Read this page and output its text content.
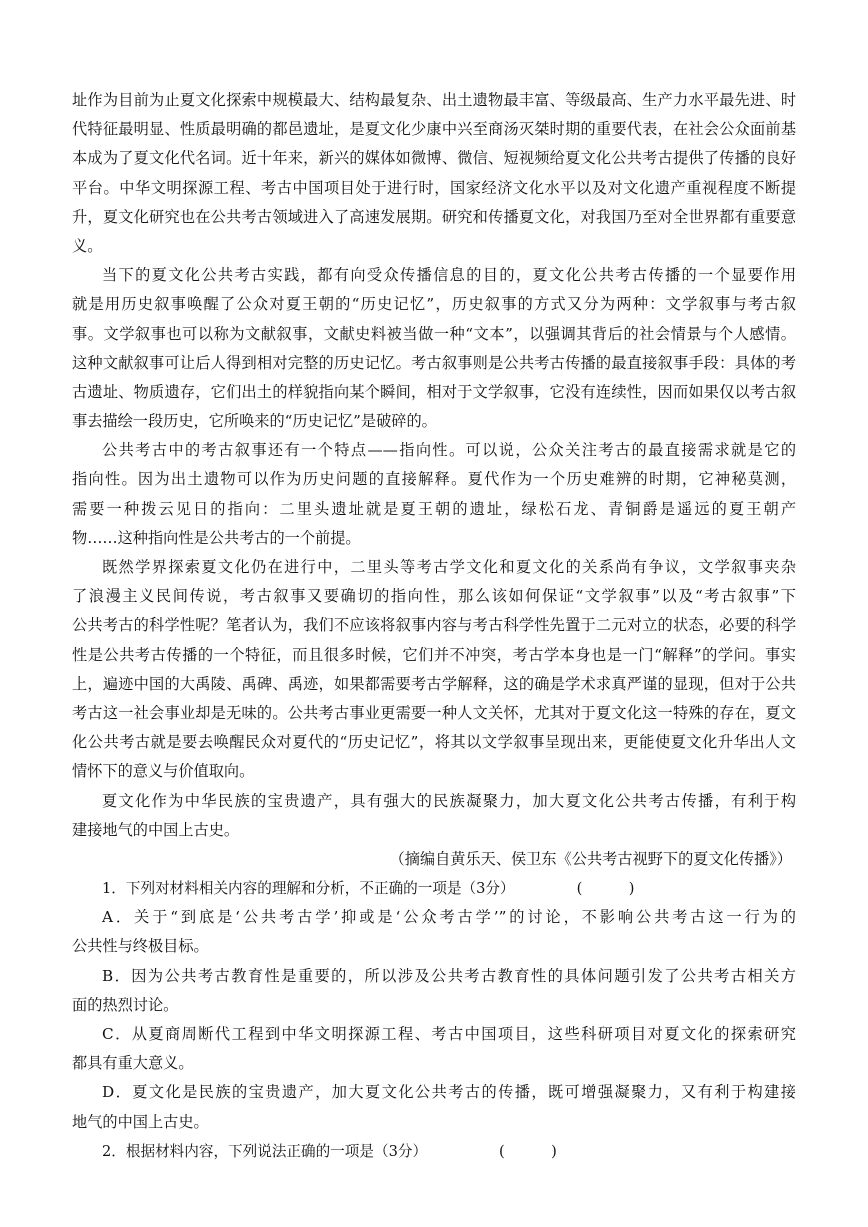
址作为目前为止夏文化探索中规模最大、结构最复杂、出土遗物最丰富、等级最高、生产力水平最先进、时
代特征最明显、性质最明确的都邑遗址，是夏文化少康中兴至商汤灭桀时期的重要代表，在社会公众面前基
本成为了夏文化代名词。近十年来，新兴的媒体如微博、微信、短视频给夏文化公共考古提供了传播的良好
平台。中华文明探源工程、考古中国项目处于进行时，国家经济文化水平以及对文化遗产重视程度不断提
升，夏文化研究也在公共考古领域进入了高速发展期。研究和传播夏文化，对我国乃至对全世界都有重要意
义。
当下的夏文化公共考古实践，都有向受众传播信息的目的，夏文化公共考古传播的一个显要作用
就是用历史叙事唤醒了公众对夏王朝的“历史记忆”，历史叙事的方式又分为两种：文学叙事与考古叙
事。文学叙事也可以称为文献叙事，文献史料被当做一种“文本”，以强调其背后的社会情景与个人感情。
这种文献叙事可让后人得到相对完整的历史记忆。考古叙事则是公共考古传播的最直接叙事手段：具体的考
古遗址、物质遗存，它们出土的样貌指向某个瞬间，相对于文学叙事，它没有连续性，因而如果仅以考古叙
事去描绘一段历史，它所唤来的“历史记忆”是破碎的。
公共考古中的考古叙事还有一个特点——指向性。可以说，公众关注考古的最直接需求就是它的
指向性。因为出土遗物可以作为历史问题的直接解释。夏代作为一个历史难辨的时期，它神秘莫测，
需要一种拨云见日的指向：二里头遗址就是夏王朝的遗址，绿松石龙、青铜爵是遥远的夏王朝产
物……这种指向性是公共考古的一个前提。
既然学界探索夏文化仍在进行中，二里头等考古学文化和夏文化的关系尚有争议，文学叙事夹杂
了浪漫主义民间传说，考古叙事又要确切的指向性，那么该如何保证“文学叙事”以及“考古叙事”下
公共考古的科学性呢？笔者认为，我们不应该将叙事内容与考古科学性先置于二元对立的状态，必要的科学
性是公共考古传播的一个特征，而且很多时候，它们并不冲突，考古学本身也是一门“解释”的学问。事实
上，遍迹中国的大禹陵、禹碑、禹迹，如果都需要考古学解释，这的确是学术求真严谨的显现，但对于公共
考古这一社会事业却是无味的。公共考古事业更需要一种人文关怀，尤其对于夏文化这一特殊的存在，夏文
化公共考古就是要去唤醒民众对夏代的“历史记忆”，将其以文学叙事呈现出来，更能使夏文化升华出人文
情怀下的意义与价值取向。
夏文化作为中华民族的宝贵遗产，具有强大的民族凝聚力，加大夏文化公共考古传播，有利于构
建接地气的中国上古史。
（摘编自黄乐天、侯卫东《公共考古视野下的夏文化传播》）
1．下列对材料相关内容的理解和分析，不正确的一项是（3分）	(          )
A．关于“到底是‘公共考古学’抑或是‘公众考古学’”的讨论，不影响公共考古这一行为的
公共性与终极目标。
B．因为公共考古教育性是重要的，所以涉及公共考古教育性的具体问题引发了公共考古相关方
面的热烈讨论。
C．从夏商周断代工程到中华文明探源工程、考古中国项目，这些科研项目对夏文化的探索研究
都具有重大意义。
D．夏文化是民族的宝贵遗产，加大夏文化公共考古的传播，既可增强凝聚力，又有利于构建接
地气的中国上古史。
2．根据材料内容，下列说法正确的一项是（3分）	(          )
